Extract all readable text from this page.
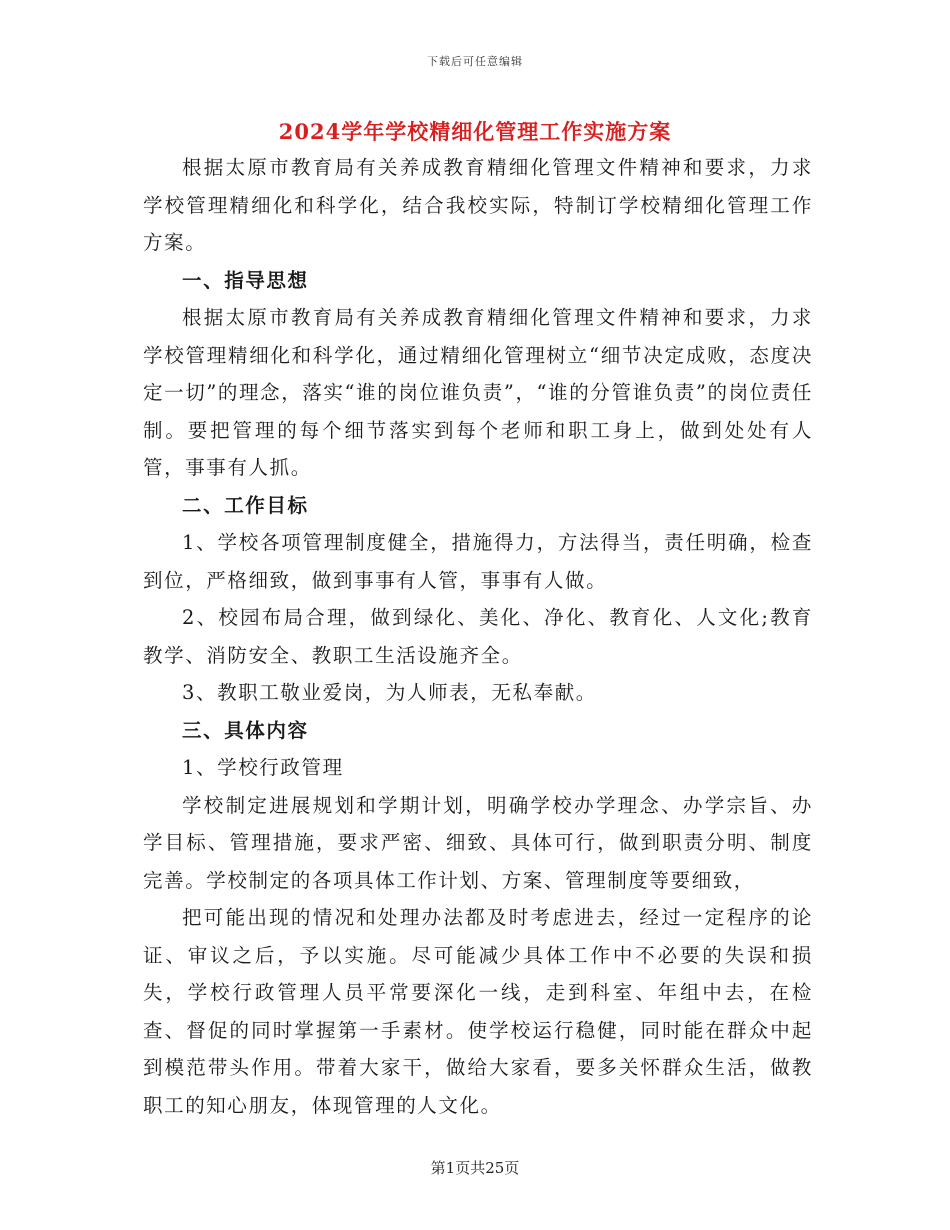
下载后可任意编辑
2024学年学校精细化管理工作实施方案

根据太原市教育局有关养成教育精细化管理文件精神和要求，力求学校管理精细化和科学化，结合我校实际，特制订学校精细化管理工作方案。

一、指导思想

根据太原市教育局有关养成教育精细化管理文件精神和要求，力求学校管理精细化和科学化，通过精细化管理树立“细节决定成败，态度决定一切”的理念，落实“谁的岗位谁负责”，“谁的分管谁负责”的岗位责任制。要把管理的每个细节落实到每个老师和职工身上，做到处处有人管，事事有人抓。

二、工作目标

1、学校各项管理制度健全，措施得力，方法得当，责任明确，检查到位，严格细致，做到事事有人管，事事有人做。

2、校园布局合理，做到绿化、美化、净化、教育化、人文化;教育教学、消防安全、教职工生活设施齐全。

3、教职工敬业爱岗，为人师表，无私奉献。

三、具体内容

1、学校行政管理

学校制定进展规划和学期计划，明确学校办学理念、办学宗旨、办学目标、管理措施，要求严密、细致、具体可行，做到职责分明、制度完善。学校制定的各项具体工作计划、方案、管理制度等要细致，

把可能出现的情况和处理办法都及时考虑进去，经过一定程序的论证、审议之后，予以实施。尽可能减少具体工作中不必要的失误和损失，学校行政管理人员平常要深化一线，走到科室、年组中去，在检查、督促的同时掌握第一手素材。使学校运行稳健，同时能在群众中起到模范带头作用。带着大家干，做给大家看，要多关怀群众生活，做教职工的知心朋友，体现管理的人文化。

第1页共25页
